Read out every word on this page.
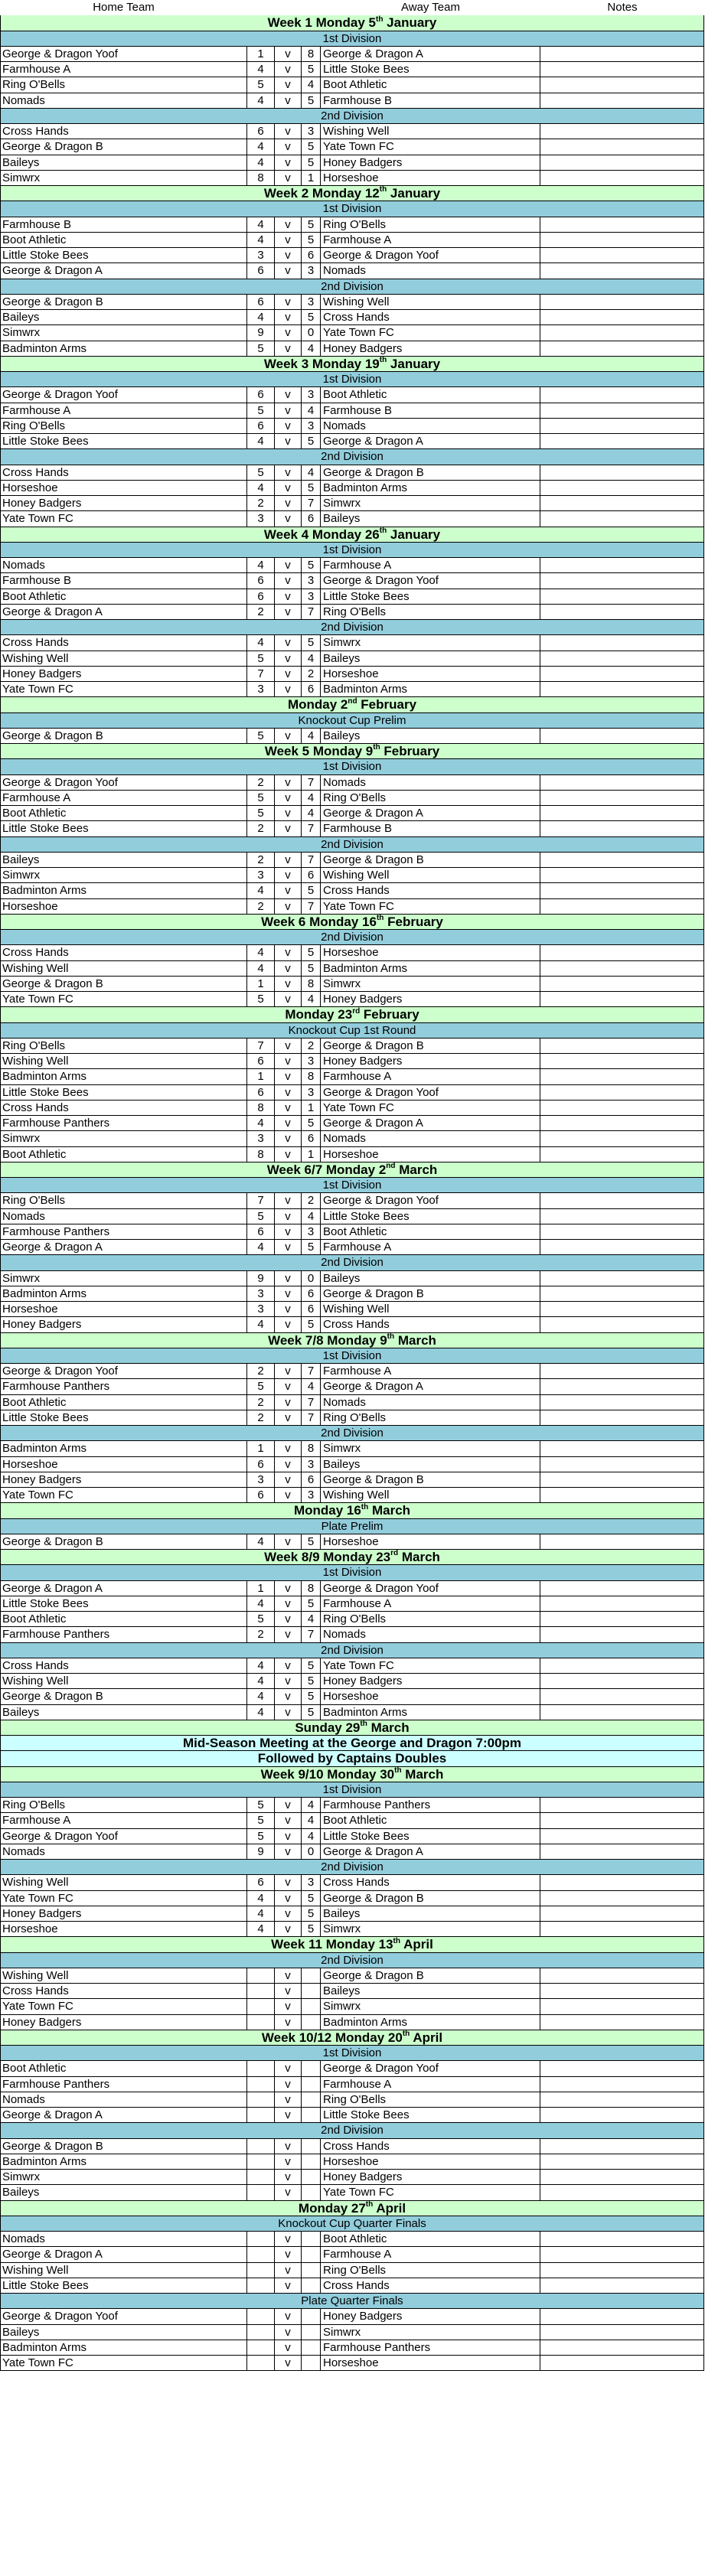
Home Team	Away Team	Notes
Week 1 Monday 5th January
1st Division
George & Dragon Yoof	1	v	8 George & Dragon A
Farmhouse A	4	v	5 Little Stoke Bees
Ring O'Bells	5	v	4 Boot Athletic
Nomads	4	v	5 Farmhouse B
2nd Division
Cross Hands	6	v	3 Wishing Well
George & Dragon B	4	v	5 Yate Town FC
Baileys	4	v	5 Honey Badgers
Simwrx	8	v	1 Horseshoe
Week 2 Monday 12th January
1st Division
Farmhouse B	4	v	5 Ring O'Bells
Boot Athletic	4	v	5 Farmhouse A
Little Stoke Bees	3	v	6 George & Dragon Yoof
George & Dragon A	6	v	3 Nomads
2nd Division
George & Dragon B	6	v	3 Wishing Well
Baileys	4	v	5 Cross Hands
Simwrx	9	v	0 Yate Town FC
Badminton Arms	5	v	4 Honey Badgers
Week 3 Monday 19th January
1st Division
George & Dragon Yoof	6	v	3 Boot Athletic
Farmhouse A	5	v	4 Farmhouse B
Ring O'Bells	6	v	3 Nomads
Little Stoke Bees	4	v	5 George & Dragon A
2nd Division
Cross Hands	5	v	4 George & Dragon B
Horseshoe	4	v	5 Badminton Arms
Honey Badgers	2	v	7 Simwrx
Yate Town FC	3	v	6 Baileys
Week 4 Monday 26th January
1st Division
Nomads	4	v	5 Farmhouse A
Farmhouse B	6	v	3 George & Dragon Yoof
Boot Athletic	6	v	3 Little Stoke Bees
George & Dragon A	2	v	7 Ring O'Bells
2nd Division
Cross Hands	4	v	5 Simwrx
Wishing Well	5	v	4 Baileys
Honey Badgers	7	v	2 Horseshoe
Yate Town FC	3	v	6 Badminton Arms
Monday 2nd February
Knockout Cup Prelim
George & Dragon B	5	v	4 Baileys
Week 5 Monday 9th February
1st Division
George & Dragon Yoof	2	v	7 Nomads
Farmhouse A	5	v	4 Ring O'Bells
Boot Athletic	5	v	4 George & Dragon A
Little Stoke Bees	2	v	7 Farmhouse B
2nd Division
Baileys	2	v	7 George & Dragon B
Simwrx	3	v	6 Wishing Well
Badminton Arms	4	v	5 Cross Hands
Horseshoe	2	v	7 Yate Town FC
Week 6 Monday 16th February
2nd Division
Cross Hands	4	v	5 Horseshoe
Wishing Well	4	v	5 Badminton Arms
George & Dragon B	1	v	8 Simwrx
Yate Town FC	5	v	4 Honey Badgers
Monday 23rd February
Knockout Cup 1st Round
Ring O'Bells	7	v	2 George & Dragon B
Wishing Well	6	v	3 Honey Badgers
Badminton Arms	1	v	8 Farmhouse A
Little Stoke Bees	6	v	3 George & Dragon Yoof
Cross Hands	8	v	1 Yate Town FC
Farmhouse Panthers	4	v	5 George & Dragon A
Simwrx	3	v	6 Nomads
Boot Athletic	8	v	1 Horseshoe
Week 6/7 Monday 2nd March
1st Division
Ring O'Bells	7	v	2 George & Dragon Yoof
Nomads	5	v	4 Little Stoke Bees
Farmhouse Panthers	6	v	3 Boot Athletic
George & Dragon A	4	v	5 Farmhouse A
2nd Division
Simwrx	9	v	0 Baileys
Badminton Arms	3	v	6 George & Dragon B
Horseshoe	3	v	6 Wishing Well
Honey Badgers	4	v	5 Cross Hands
Week 7/8 Monday 9th March
1st Division
George & Dragon Yoof	2	v	7 Farmhouse A
Farmhouse Panthers	5	v	4 George & Dragon A
Boot Athletic	2	v	7 Nomads
Little Stoke Bees	2	v	7 Ring O'Bells
2nd Division
Badminton Arms	1	v	8 Simwrx
Horseshoe	6	v	3 Baileys
Honey Badgers	3	v	6 George & Dragon B
Yate Town FC	6	v	3 Wishing Well
Monday 16th March
Plate Prelim
George & Dragon B	4	v	5 Horseshoe
Week 8/9 Monday 23rd March
1st Division
George & Dragon A	1	v	8 George & Dragon Yoof
Little Stoke Bees	4	v	5 Farmhouse A
Boot Athletic	5	v	4 Ring O'Bells
Farmhouse Panthers	2	v	7 Nomads
2nd Division
Cross Hands	4	v	5 Yate Town FC
Wishing Well	4	v	5 Honey Badgers
George & Dragon B	4	v	5 Horseshoe
Baileys	4	v	5 Badminton Arms
Sunday 29th March
Mid-Season Meeting at the George and Dragon 7:00pm
Followed by Captains Doubles
Week 9/10 Monday 30th March
1st Division
Ring O'Bells	5	v	4 Farmhouse Panthers
Farmhouse A	5	v	4 Boot Athletic
George & Dragon Yoof	5	v	4 Little Stoke Bees
Nomads	9	v	0 George & Dragon A
2nd Division
Wishing Well	6	v	3 Cross Hands
Yate Town FC	4	v	5 George & Dragon B
Honey Badgers	4	v	5 Baileys
Horseshoe	4	v	5 Simwrx
Week 11 Monday 13th April
2nd Division
Wishing Well	v	George & Dragon B
Cross Hands	v	Baileys
Yate Town FC	v	Simwrx
Honey Badgers	v	Badminton Arms
Week 10/12 Monday 20th April
1st Division
Boot Athletic	v	George & Dragon Yoof
Farmhouse Panthers	v	Farmhouse A
Nomads	v	Ring O'Bells
George & Dragon A	v	Little Stoke Bees
2nd Division
George & Dragon B	v	Cross Hands
Badminton Arms	v	Horseshoe
Simwrx	v	Honey Badgers
Baileys	v	Yate Town FC
Monday 27th April
Knockout Cup Quarter Finals
Nomads	v	Boot Athletic
George & Dragon A	v	Farmhouse A
Wishing Well	v	Ring O'Bells
Little Stoke Bees	v	Cross Hands
Plate Quarter Finals
George & Dragon Yoof	v	Honey Badgers
Baileys	v	Simwrx
Badminton Arms	v	Farmhouse Panthers
Yate Town FC	v	Horseshoe
